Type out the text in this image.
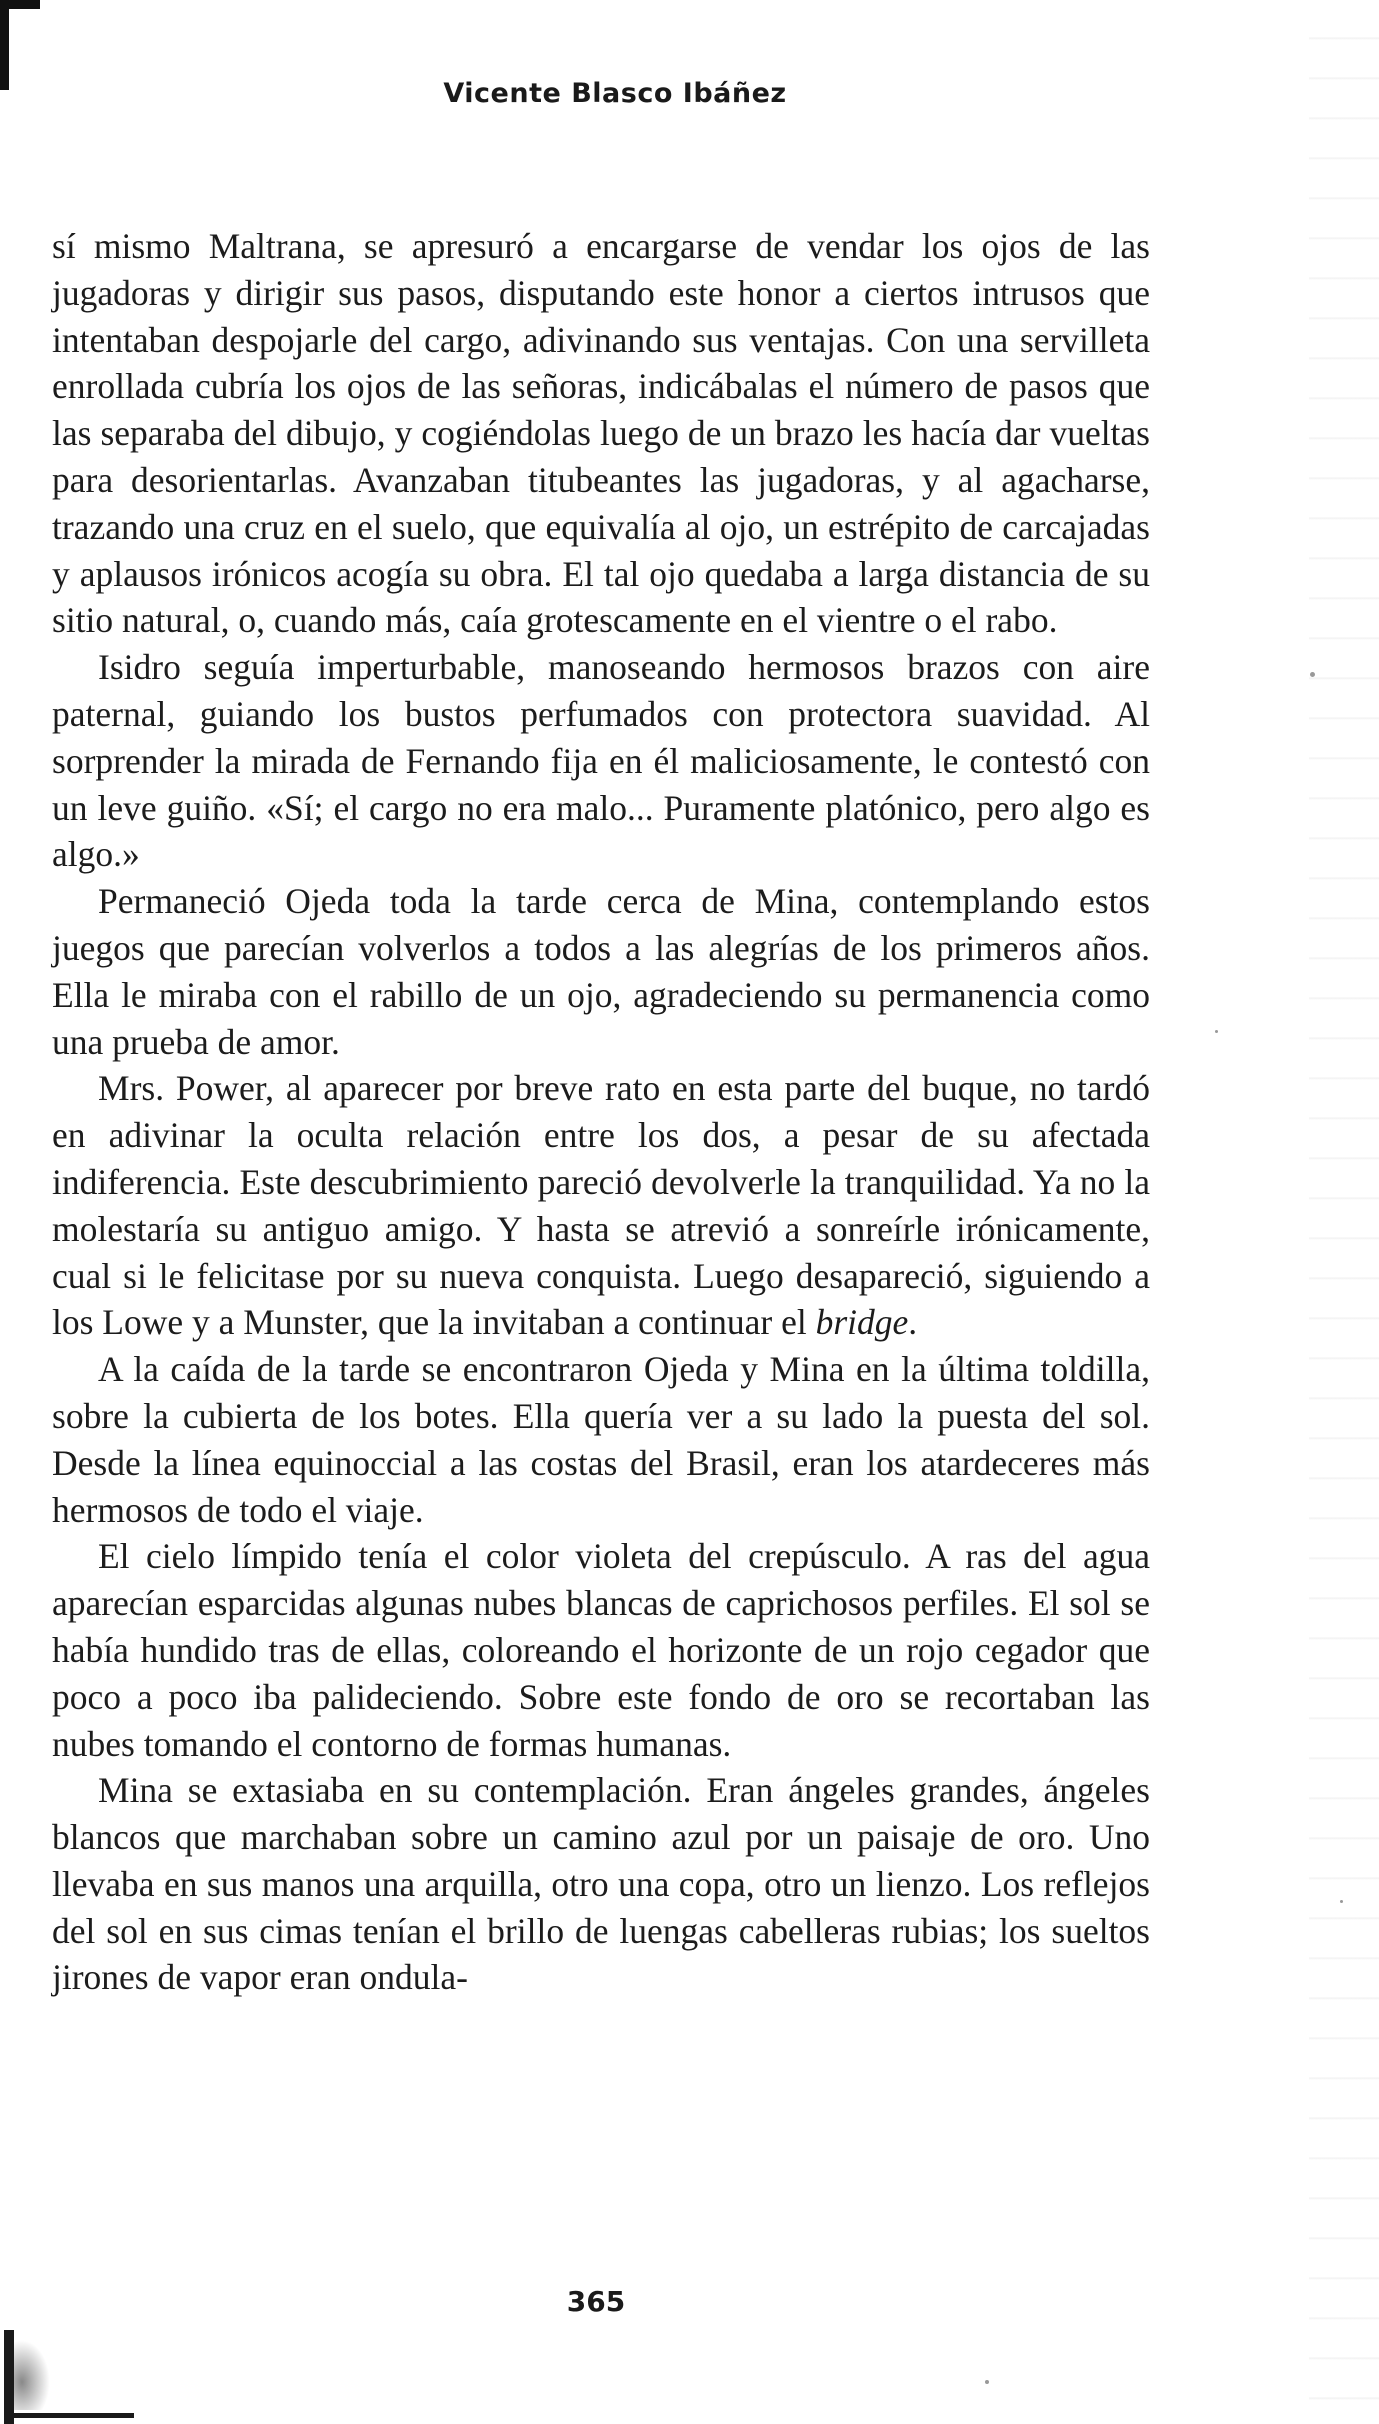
Vicente Blasco Ibáñez

sí mismo Maltrana, se apresuró a encargarse de vendar los ojos de las jugadoras y dirigir sus pasos, disputando este honor a ciertos intrusos que intentaban despojarle del cargo, adivinando sus ventajas. Con una servilleta enrollada cubría los ojos de las señoras, indicábalas el número de pasos que las separaba del dibujo, y cogiéndolas luego de un brazo les hacía dar vueltas para desorientarlas. Avanzaban titubeantes las jugadoras, y al agacharse, trazando una cruz en el suelo, que equivalía al ojo, un estrépito de carcajadas y aplausos irónicos acogía su obra. El tal ojo quedaba a larga distancia de su sitio natural, o, cuando más, caía grotescamente en el vientre o el rabo.

Isidro seguía imperturbable, manoseando hermosos brazos con aire paternal, guiando los bustos perfumados con protectora suavidad. Al sorprender la mirada de Fernando fija en él maliciosamente, le contestó con un leve guiño. «Sí; el cargo no era malo... Puramente platónico, pero algo es algo.»

Permaneció Ojeda toda la tarde cerca de Mina, contemplando estos juegos que parecían volverlos a todos a las alegrías de los primeros años. Ella le miraba con el rabillo de un ojo, agradeciendo su permanencia como una prueba de amor.

Mrs. Power, al aparecer por breve rato en esta parte del buque, no tardó en adivinar la oculta relación entre los dos, a pesar de su afectada indiferencia. Este descubrimiento pareció devolverle la tranquilidad. Ya no la molestaría su antiguo amigo. Y hasta se atrevió a sonreírle irónicamente, cual si le felicitase por su nueva conquista. Luego desapareció, siguiendo a los Lowe y a Munster, que la invitaban a continuar el bridge.

A la caída de la tarde se encontraron Ojeda y Mina en la última toldilla, sobre la cubierta de los botes. Ella quería ver a su lado la puesta del sol. Desde la línea equinoccial a las costas del Brasil, eran los atardeceres más hermosos de todo el viaje.

El cielo límpido tenía el color violeta del crepúsculo. A ras del agua aparecían esparcidas algunas nubes blancas de caprichosos perfiles. El sol se había hundido tras de ellas, coloreando el horizonte de un rojo cegador que poco a poco iba palideciendo. Sobre este fondo de oro se recortaban las nubes tomando el contorno de formas humanas.

Mina se extasiaba en su contemplación. Eran ángeles grandes, ángeles blancos que marchaban sobre un camino azul por un paisaje de oro. Uno llevaba en sus manos una arquilla, otro una copa, otro un lienzo. Los reflejos del sol en sus cimas tenían el brillo de luengas cabelleras rubias; los sueltos jirones de vapor eran ondula-

365
